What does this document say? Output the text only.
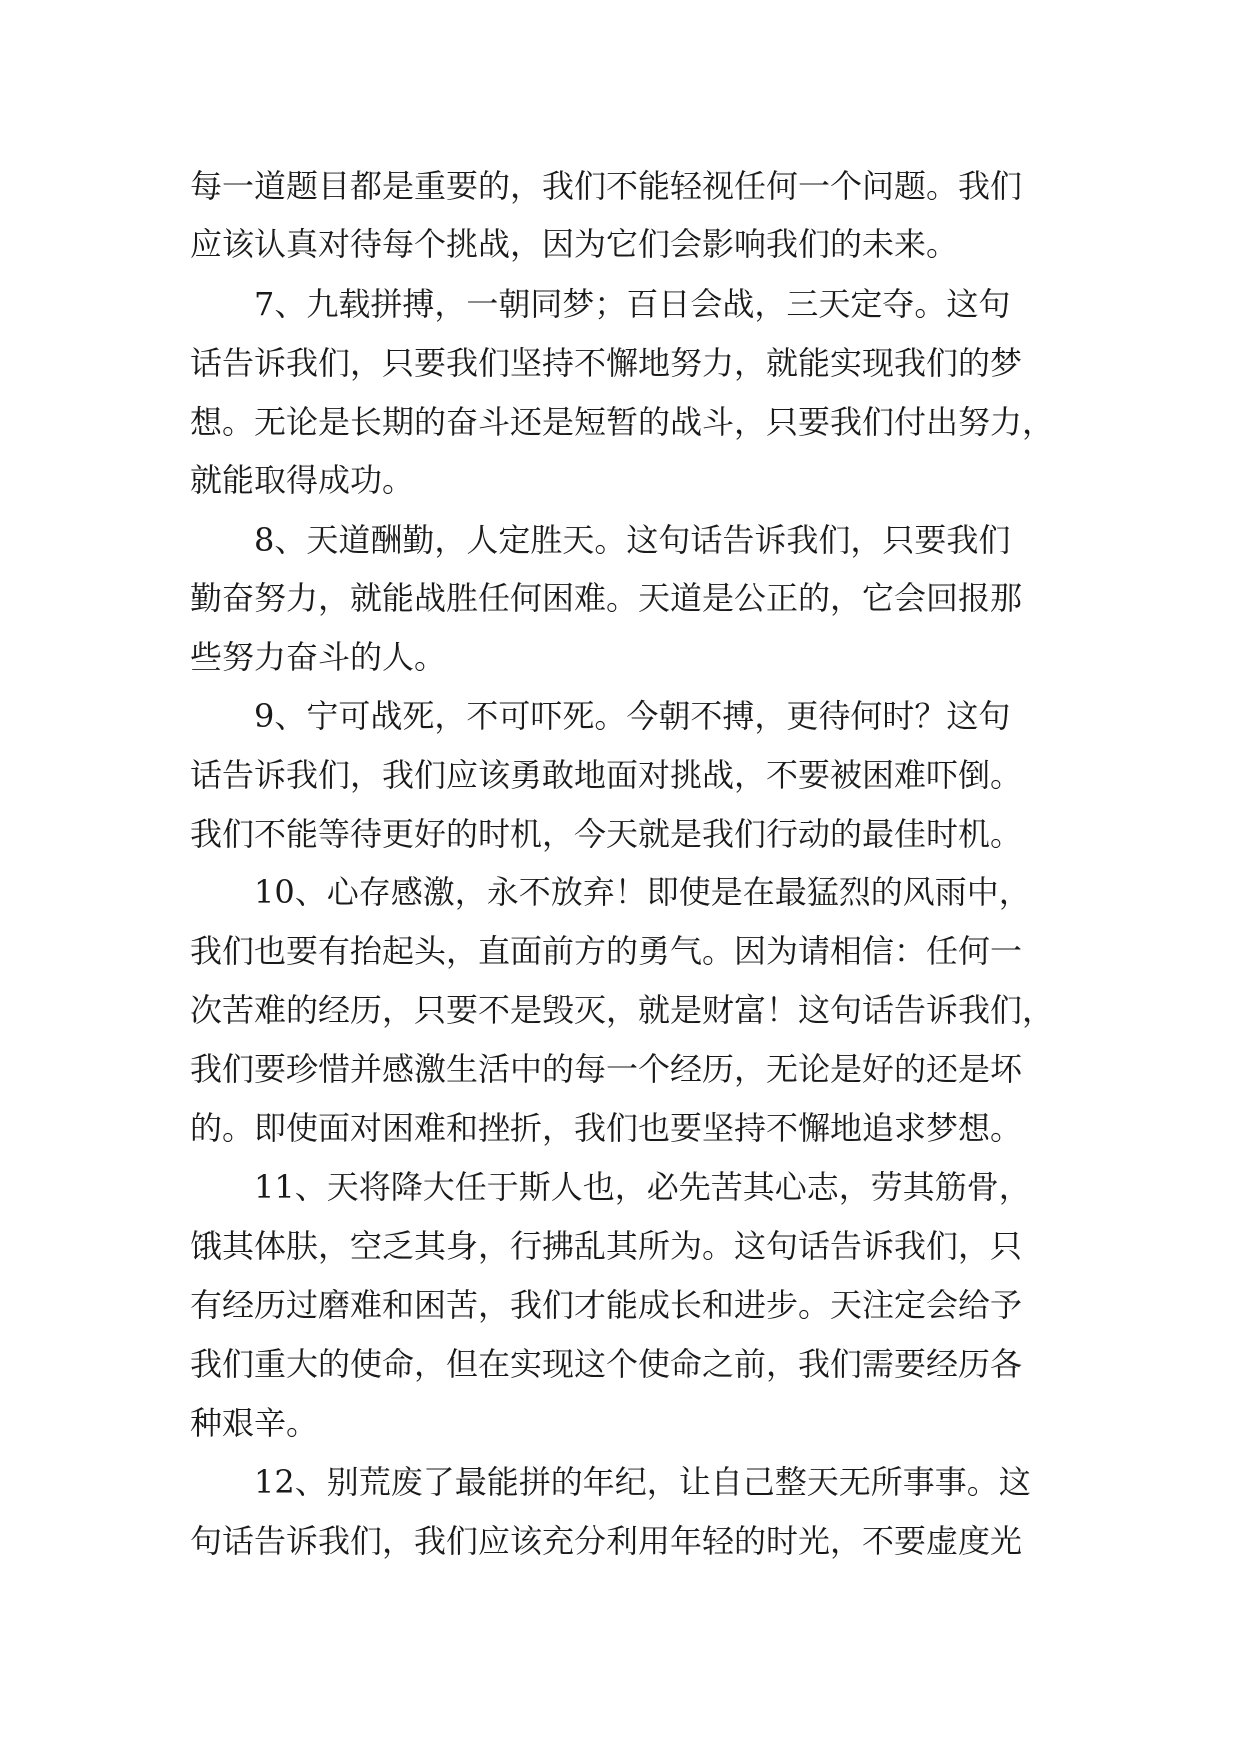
每一道题目都是重要的，我们不能轻视任何一个问题。我们

应该认真对待每个挑战，因为它们会影响我们的未来。

7、九载拼搏，一朝同梦；百日会战，三天定夺。这句

话告诉我们，只要我们坚持不懈地努力，就能实现我们的梦

想。无论是长期的奋斗还是短暂的战斗，只要我们付出努力，

就能取得成功。

8、天道酬勤，人定胜天。这句话告诉我们，只要我们

勤奋努力，就能战胜任何困难。天道是公正的，它会回报那

些努力奋斗的人。

9、宁可战死，不可吓死。今朝不搏，更待何时？这句

话告诉我们，我们应该勇敢地面对挑战，不要被困难吓倒。

我们不能等待更好的时机，今天就是我们行动的最佳时机。

10、心存感激，永不放弃！即使是在最猛烈的风雨中，

我们也要有抬起头，直面前方的勇气。因为请相信：任何一

次苦难的经历，只要不是毁灭，就是财富！这句话告诉我们，

我们要珍惜并感激生活中的每一个经历，无论是好的还是坏

的。即使面对困难和挫折，我们也要坚持不懈地追求梦想。

11、天将降大任于斯人也，必先苦其心志，劳其筋骨，

饿其体肤，空乏其身，行拂乱其所为。这句话告诉我们，只

有经历过磨难和困苦，我们才能成长和进步。天注定会给予

我们重大的使命，但在实现这个使命之前，我们需要经历各

种艰辛。

12、别荒废了最能拼的年纪，让自己整天无所事事。这

句话告诉我们，我们应该充分利用年轻的时光，不要虚度光
